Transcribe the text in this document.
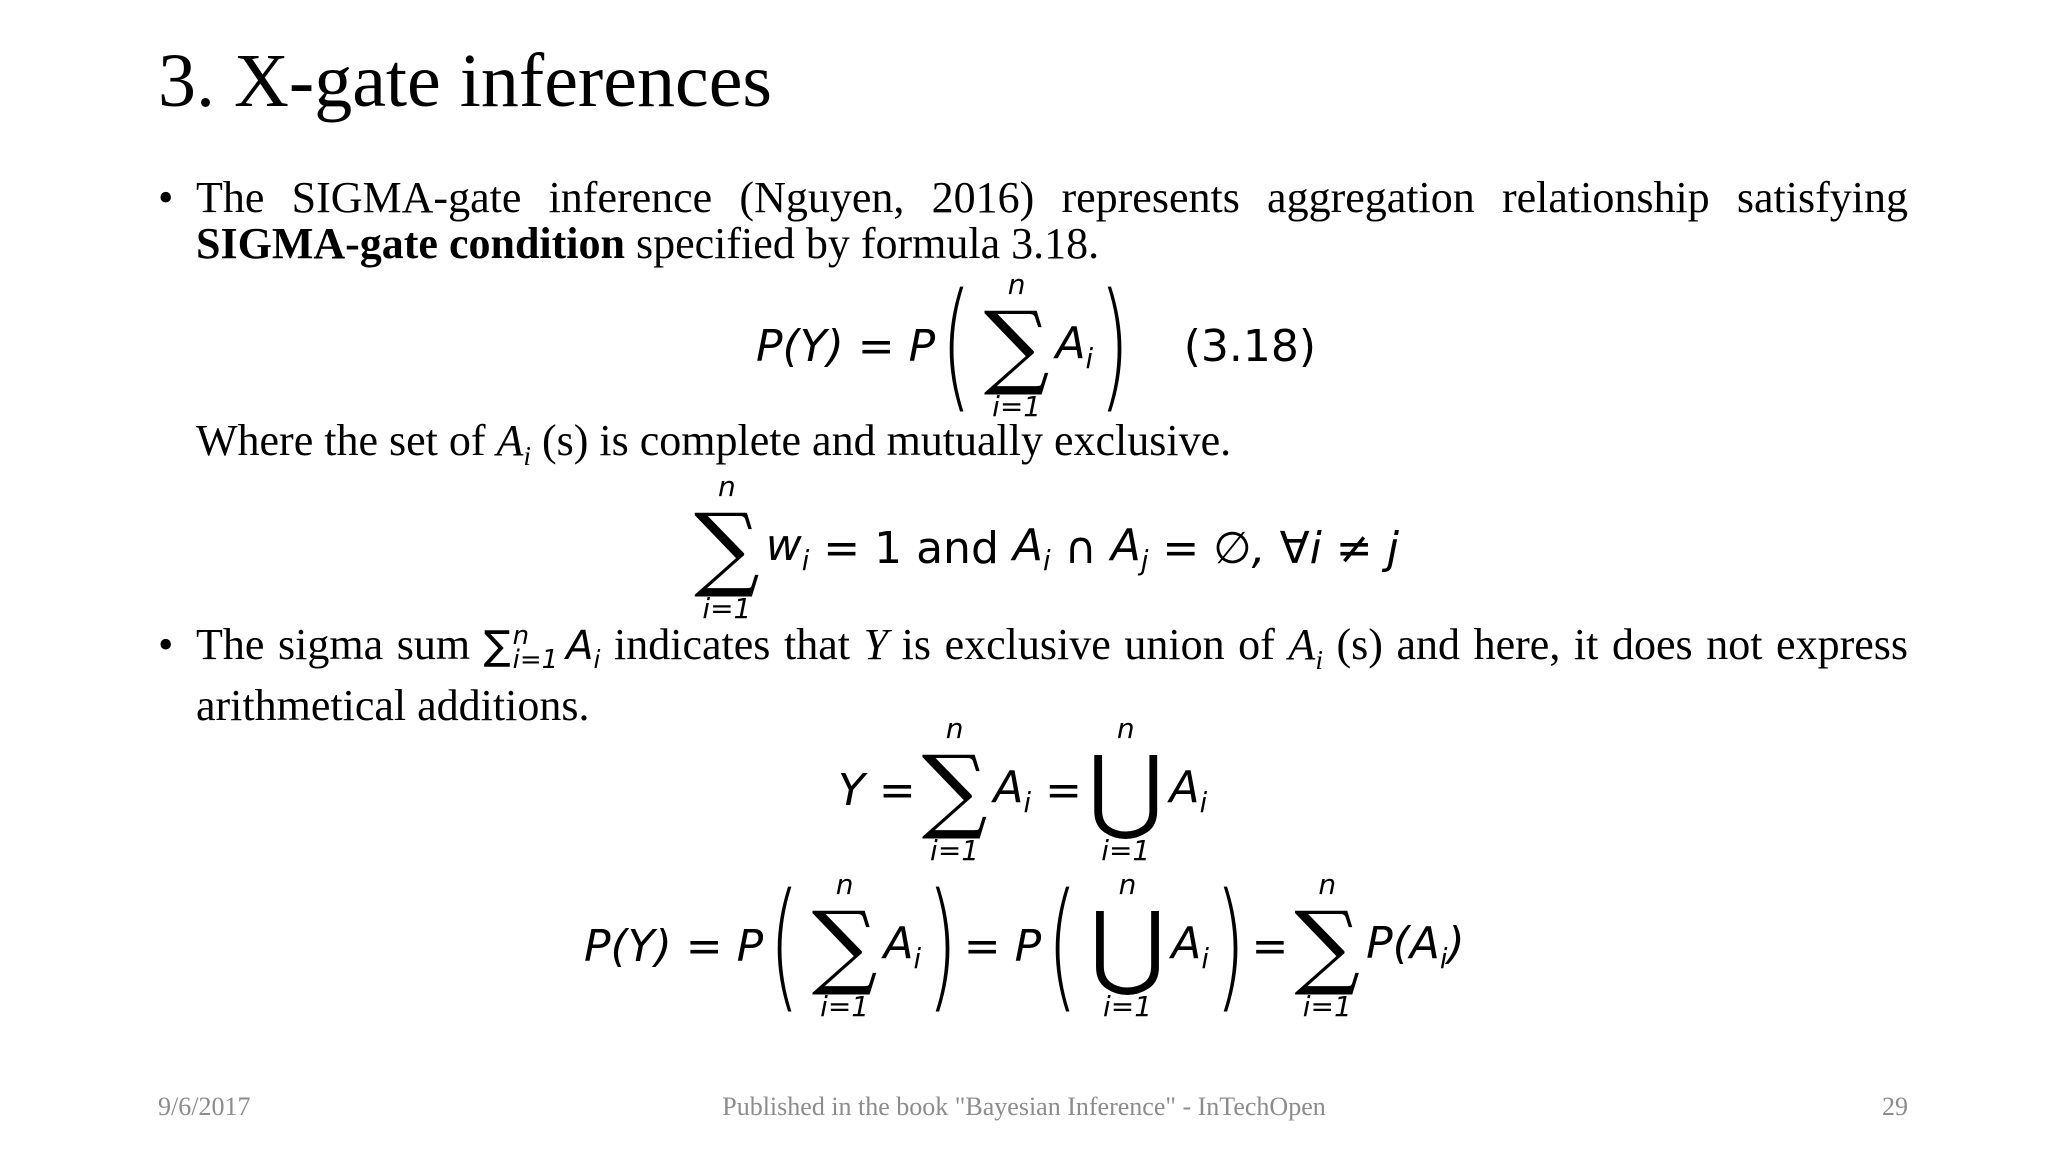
3. X-gate inferences
• The SIGMA-gate inference (Nguyen, 2016) represents aggregation relationship satisfying SIGMA-gate condition specified by formula 3.18.
P(Y) = P ( n
∑
i=1
$A_i$ ) (3.18)
Where the set of $A_i$ (s) is complete and mutually exclusive.
n
∑
i=1
$w_i = 1$ and $A_i$ ∩ $A_j$ = ∅, ∀i ≠ j
• The sigma sum ∑ n
i=1 $A_i$ indicates that Y is exclusive union of $A_i$ (s) and here, it does not express arithmetical additions.
Y =
n
∑
i=1
$A_i$ =
n
⋃
i=1
$A_i$
P(Y) = P ( n
∑
i=1
$A_i$ ) = P ( n
⋃
i=1
$A_i$ ) =
n
∑
i=1
$P(A_i)$
9/6/2017	Published in the book "Bayesian Inference" - InTechOpen	29
